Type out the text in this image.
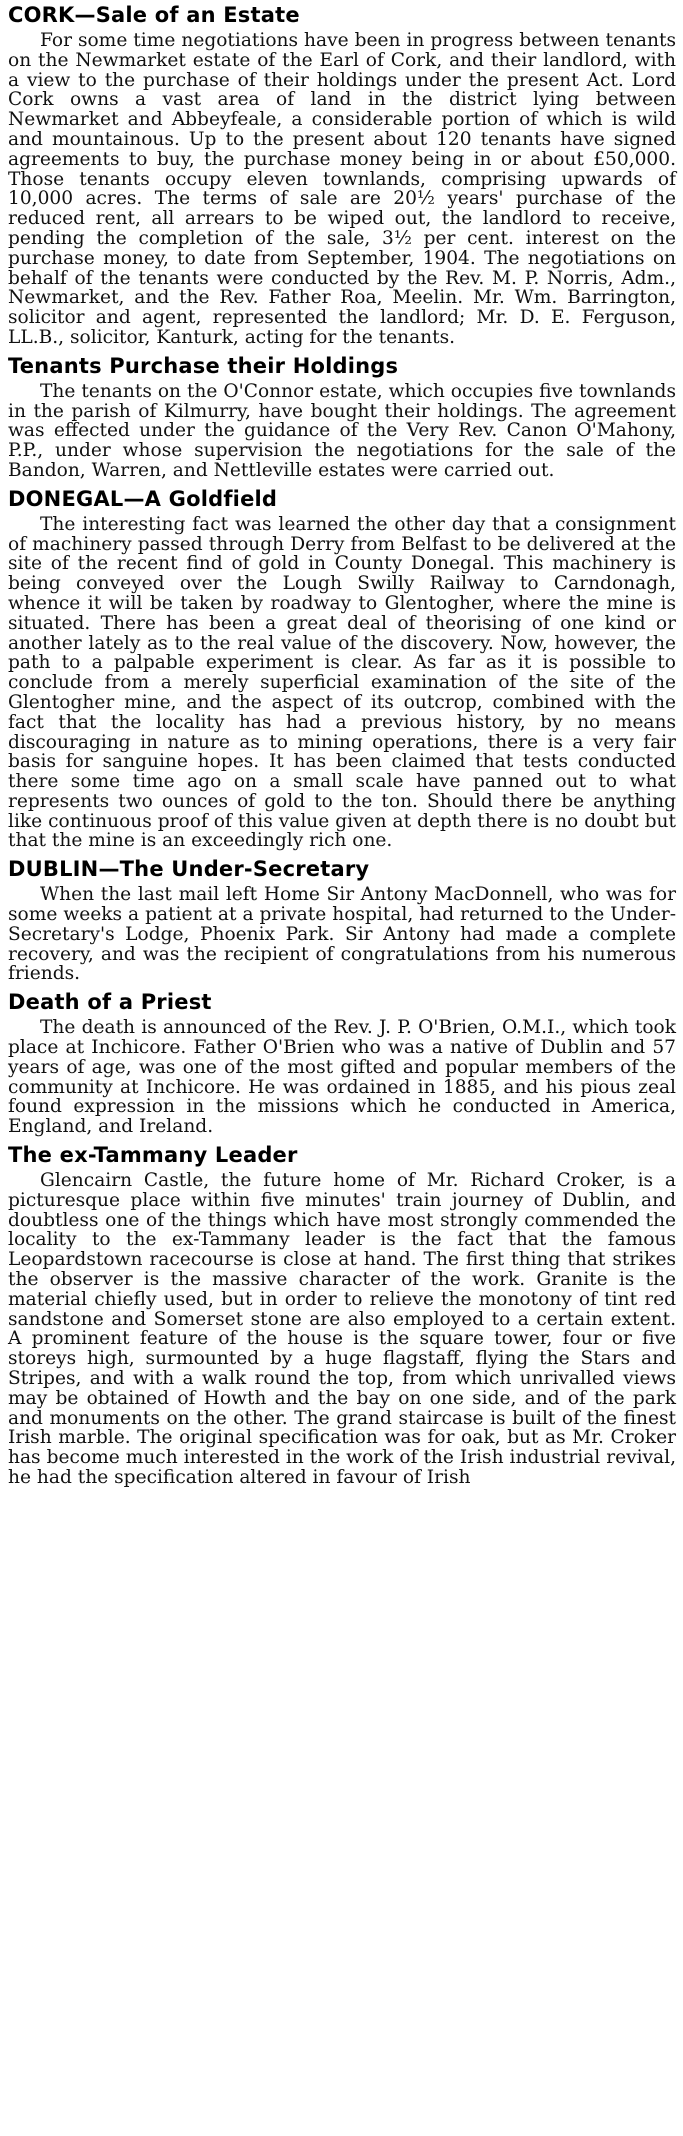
CORK—Sale of an Estate

For some time negotiations have been in progress between tenants on the Newmarket estate of the Earl of Cork, and their landlord, with a view to the purchase of their holdings under the present Act. Lord Cork owns a vast area of land in the district lying between Newmarket and Abbeyfeale, a considerable portion of which is wild and mountainous. Up to the present about 120 tenants have signed agreements to buy, the purchase money being in or about £50,000. Those tenants occupy eleven townlands, comprising upwards of 10,000 acres. The terms of sale are 20½ years' purchase of the reduced rent, all arrears to be wiped out, the landlord to receive, pending the completion of the sale, 3½ per cent. interest on the purchase money, to date from September, 1904. The negotiations on behalf of the tenants were conducted by the Rev. M. P. Norris, Adm., Newmarket, and the Rev. Father Roa, Meelin. Mr. Wm. Barrington, solicitor and agent, represented the landlord; Mr. D. E. Ferguson, LL.B., solicitor, Kanturk, acting for the tenants.

Tenants Purchase their Holdings

The tenants on the O'Connor estate, which occupies five townlands in the parish of Kilmurry, have bought their holdings. The agreement was effected under the guidance of the Very Rev. Canon O'Mahony, P.P., under whose supervision the negotiations for the sale of the Bandon, Warren, and Nettleville estates were carried out.

DONEGAL—A Goldfield

The interesting fact was learned the other day that a consignment of machinery passed through Derry from Belfast to be delivered at the site of the recent find of gold in County Donegal. This machinery is being conveyed over the Lough Swilly Railway to Carndonagh, whence it will be taken by roadway to Glentogher, where the mine is situated. There has been a great deal of theorising of one kind or another lately as to the real value of the discovery. Now, however, the path to a palpable experiment is clear. As far as it is possible to conclude from a merely superficial examination of the site of the Glentogher mine, and the aspect of its outcrop, combined with the fact that the locality has had a previous history, by no means discouraging in nature as to mining operations, there is a very fair basis for sanguine hopes. It has been claimed that tests conducted there some time ago on a small scale have panned out to what represents two ounces of gold to the ton. Should there be anything like continuous proof of this value given at depth there is no doubt but that the mine is an exceedingly rich one.

DUBLIN—The Under-Secretary

When the last mail left Home Sir Antony MacDonnell, who was for some weeks a patient at a private hospital, had returned to the Under-Secretary's Lodge, Phoenix Park. Sir Antony had made a complete recovery, and was the recipient of congratulations from his numerous friends.

Death of a Priest

The death is announced of the Rev. J. P. O'Brien, O.M.I., which took place at Inchicore. Father O'Brien who was a native of Dublin and 57 years of age, was one of the most gifted and popular members of the community at Inchicore. He was ordained in 1885, and his pious zeal found expression in the missions which he conducted in America, England, and Ireland.

The ex-Tammany Leader

Glencairn Castle, the future home of Mr. Richard Croker, is a picturesque place within five minutes' train journey of Dublin, and doubtless one of the things which have most strongly commended the locality to the ex-Tammany leader is the fact that the famous Leopardstown racecourse is close at hand. The first thing that strikes the observer is the massive character of the work. Granite is the material chiefly used, but in order to relieve the monotony of tint red sandstone and Somerset stone are also employed to a certain extent. A prominent feature of the house is the square tower, four or five storeys high, surmounted by a huge flagstaff, flying the Stars and Stripes, and with a walk round the top, from which unrivalled views may be obtained of Howth and the bay on one side, and of the park and monuments on the other. The grand staircase is built of the finest Irish marble. The original specification was for oak, but as Mr. Croker has become much interested in the work of the Irish industrial revival, he had the specification altered in favour of Irish
